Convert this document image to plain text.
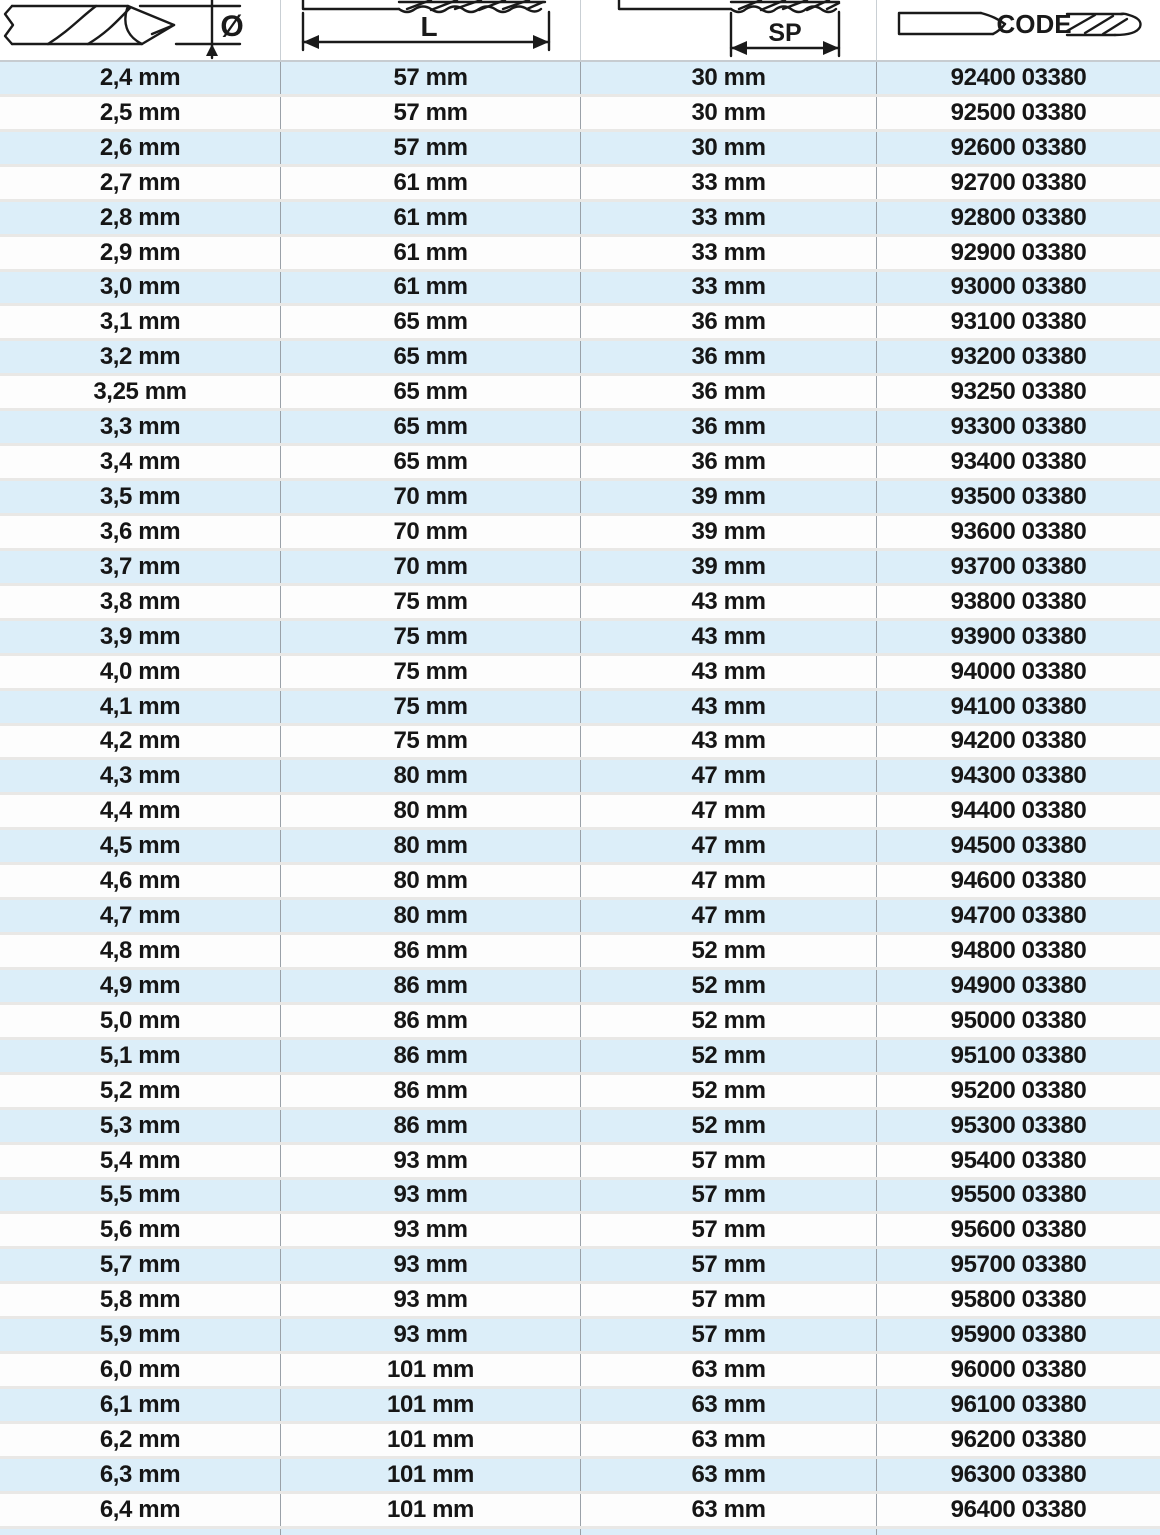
Ø	L	SP	CODE
2,4 mm	57 mm	30 mm	92400 03380
2,5 mm	57 mm	30 mm	92500 03380
2,6 mm	57 mm	30 mm	92600 03380
2,7 mm	61 mm	33 mm	92700 03380
2,8 mm	61 mm	33 mm	92800 03380
2,9 mm	61 mm	33 mm	92900 03380
3,0 mm	61 mm	33 mm	93000 03380
3,1 mm	65 mm	36 mm	93100 03380
3,2 mm	65 mm	36 mm	93200 03380
3,25 mm	65 mm	36 mm	93250 03380
3,3 mm	65 mm	36 mm	93300 03380
3,4 mm	65 mm	36 mm	93400 03380
3,5 mm	70 mm	39 mm	93500 03380
3,6 mm	70 mm	39 mm	93600 03380
3,7 mm	70 mm	39 mm	93700 03380
3,8 mm	75 mm	43 mm	93800 03380
3,9 mm	75 mm	43 mm	93900 03380
4,0 mm	75 mm	43 mm	94000 03380
4,1 mm	75 mm	43 mm	94100 03380
4,2 mm	75 mm	43 mm	94200 03380
4,3 mm	80 mm	47 mm	94300 03380
4,4 mm	80 mm	47 mm	94400 03380
4,5 mm	80 mm	47 mm	94500 03380
4,6 mm	80 mm	47 mm	94600 03380
4,7 mm	80 mm	47 mm	94700 03380
4,8 mm	86 mm	52 mm	94800 03380
4,9 mm	86 mm	52 mm	94900 03380
5,0 mm	86 mm	52 mm	95000 03380
5,1 mm	86 mm	52 mm	95100 03380
5,2 mm	86 mm	52 mm	95200 03380
5,3 mm	86 mm	52 mm	95300 03380
5,4 mm	93 mm	57 mm	95400 03380
5,5 mm	93 mm	57 mm	95500 03380
5,6 mm	93 mm	57 mm	95600 03380
5,7 mm	93 mm	57 mm	95700 03380
5,8 mm	93 mm	57 mm	95800 03380
5,9 mm	93 mm	57 mm	95900 03380
6,0 mm	101 mm	63 mm	96000 03380
6,1 mm	101 mm	63 mm	96100 03380
6,2 mm	101 mm	63 mm	96200 03380
6,3 mm	101 mm	63 mm	96300 03380
6,4 mm	101 mm	63 mm	96400 03380
